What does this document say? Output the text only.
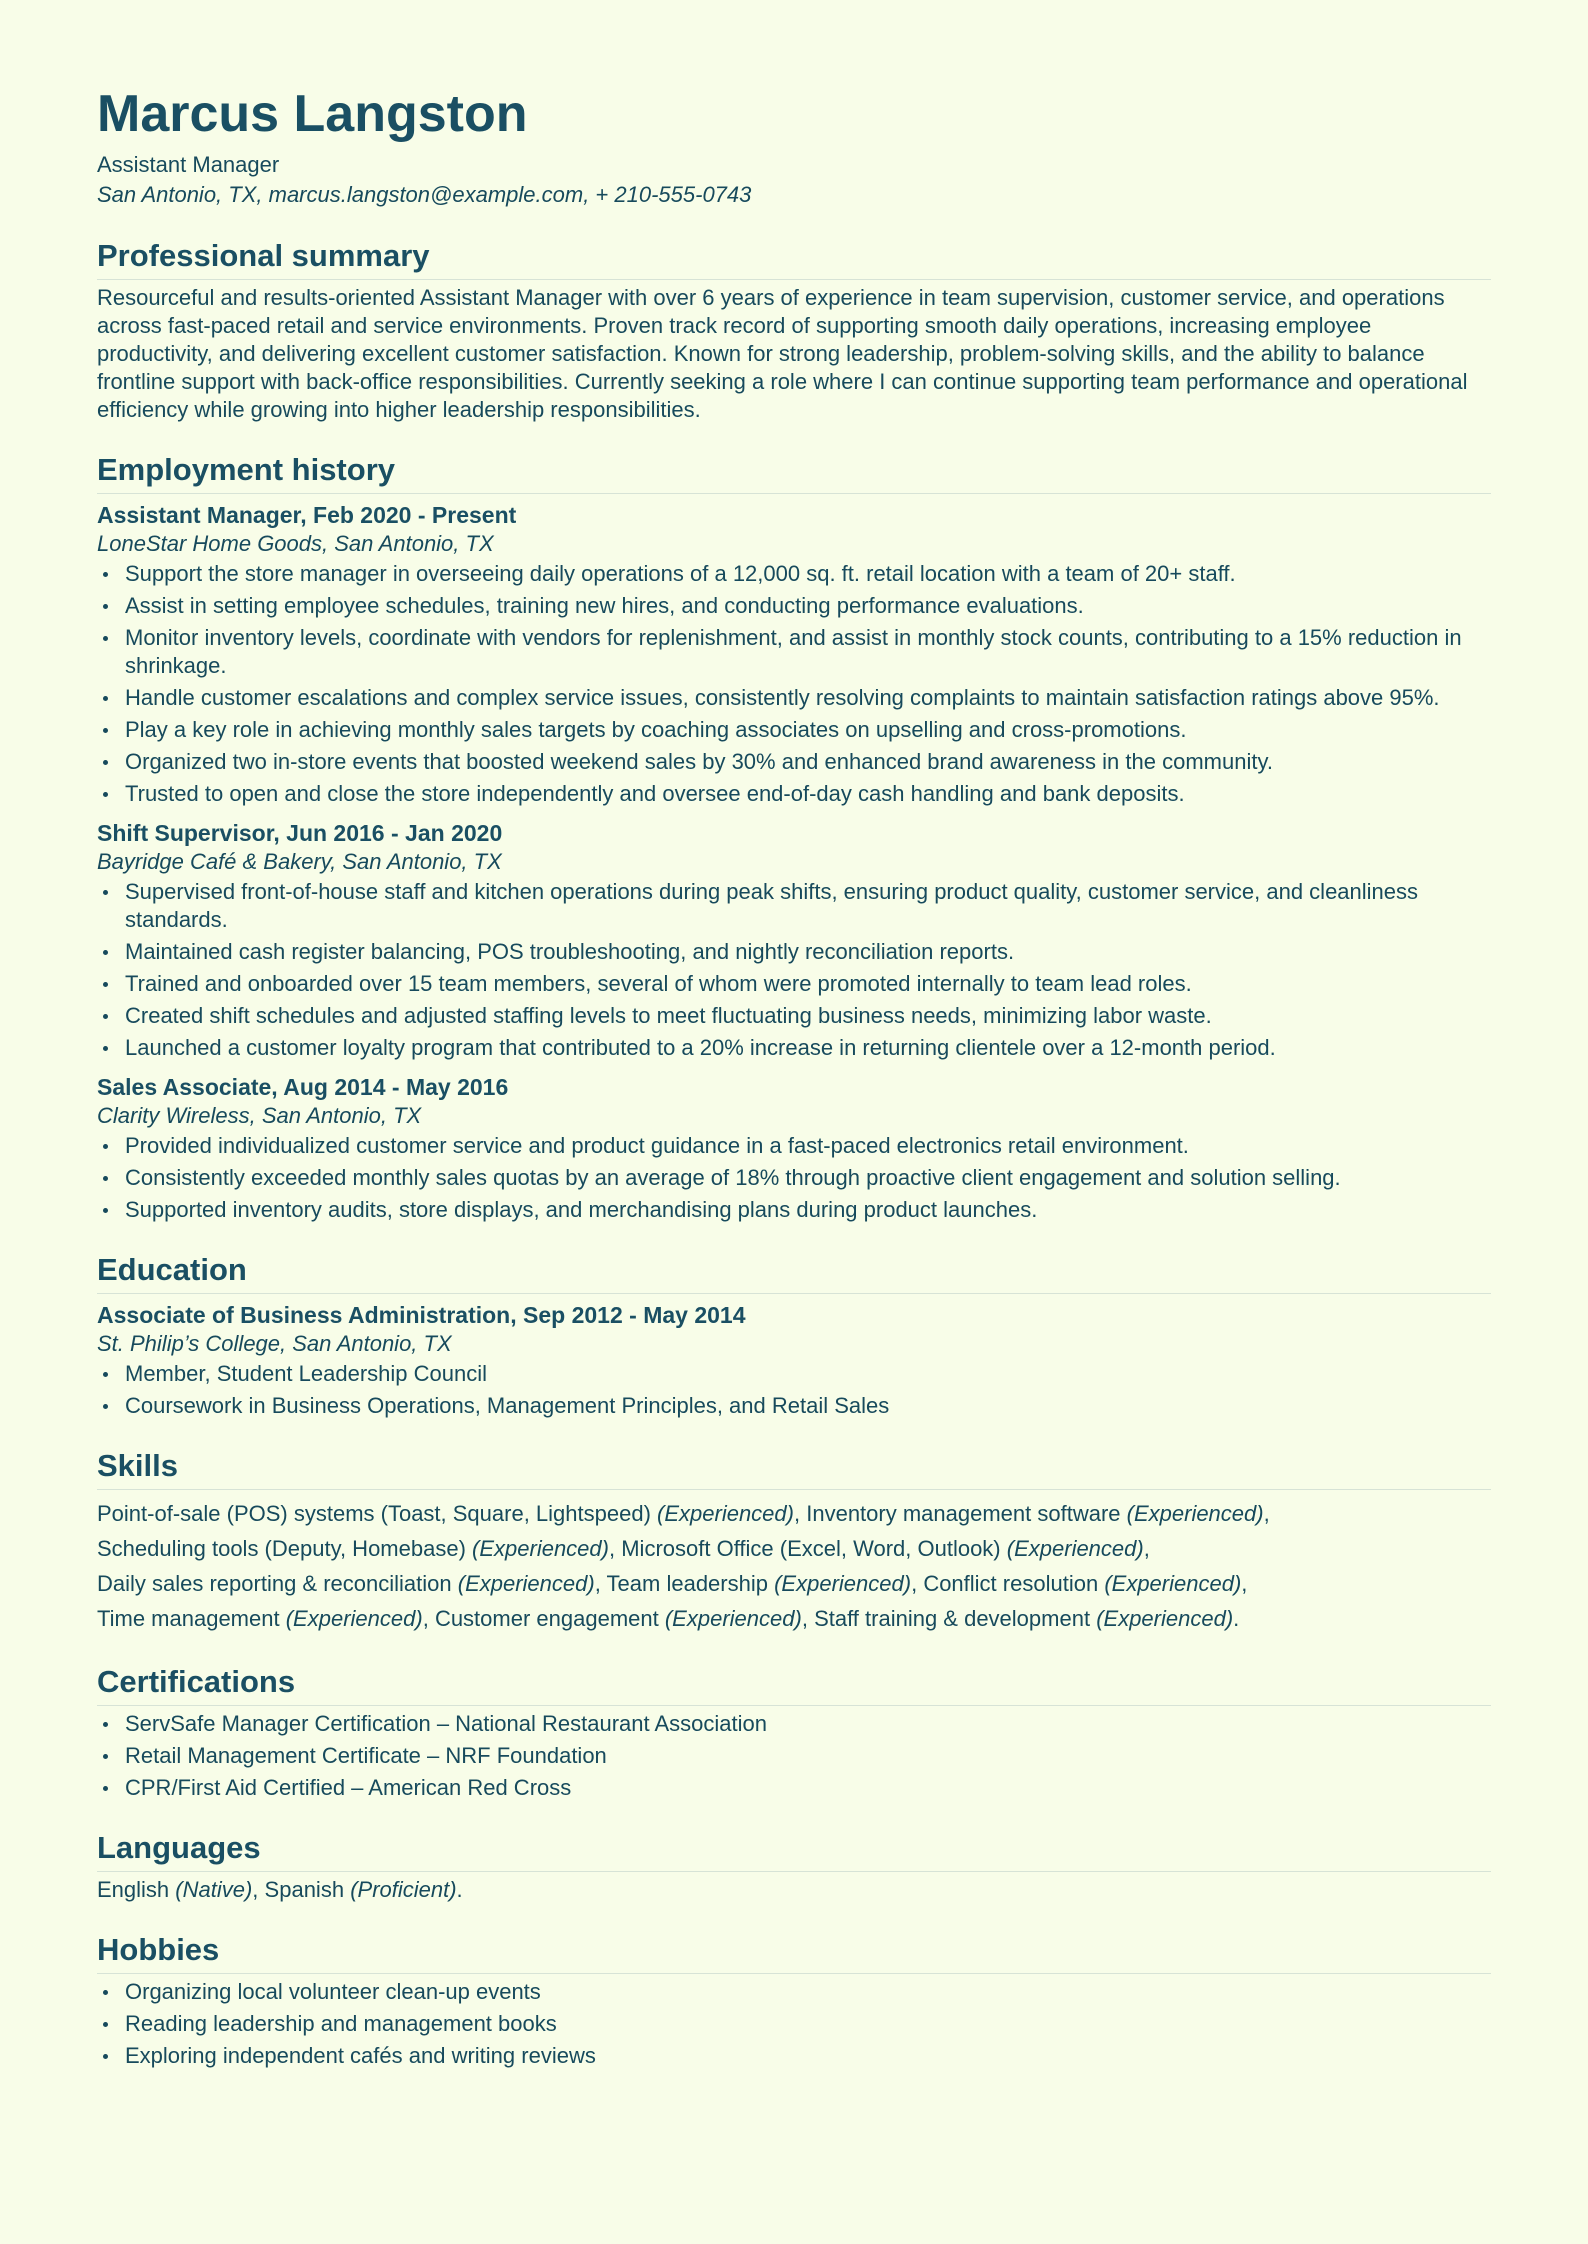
Marcus Langston
Assistant Manager
San Antonio, TX, marcus.langston@example.com, + 210-555-0743
Professional summary
Resourceful and results-oriented Assistant Manager with over 6 years of experience in team supervision, customer service, and operations across fast-paced retail and service environments. Proven track record of supporting smooth daily operations, increasing employee productivity, and delivering excellent customer satisfaction. Known for strong leadership, problem-solving skills, and the ability to balance frontline support with back-office responsibilities. Currently seeking a role where I can continue supporting team performance and operational efficiency while growing into higher leadership responsibilities.
Employment history
Assistant Manager, Feb 2020 - Present
LoneStar Home Goods, San Antonio, TX
Support the store manager in overseeing daily operations of a 12,000 sq. ft. retail location with a team of 20+ staff.
Assist in setting employee schedules, training new hires, and conducting performance evaluations.
Monitor inventory levels, coordinate with vendors for replenishment, and assist in monthly stock counts, contributing to a 15% reduction in shrinkage.
Handle customer escalations and complex service issues, consistently resolving complaints to maintain satisfaction ratings above 95%.
Play a key role in achieving monthly sales targets by coaching associates on upselling and cross-promotions.
Organized two in-store events that boosted weekend sales by 30% and enhanced brand awareness in the community.
Trusted to open and close the store independently and oversee end-of-day cash handling and bank deposits.
Shift Supervisor, Jun 2016 - Jan 2020
Bayridge Café & Bakery, San Antonio, TX
Supervised front-of-house staff and kitchen operations during peak shifts, ensuring product quality, customer service, and cleanliness standards.
Maintained cash register balancing, POS troubleshooting, and nightly reconciliation reports.
Trained and onboarded over 15 team members, several of whom were promoted internally to team lead roles.
Created shift schedules and adjusted staffing levels to meet fluctuating business needs, minimizing labor waste.
Launched a customer loyalty program that contributed to a 20% increase in returning clientele over a 12-month period.
Sales Associate, Aug 2014 - May 2016
Clarity Wireless, San Antonio, TX
Provided individualized customer service and product guidance in a fast-paced electronics retail environment.
Consistently exceeded monthly sales quotas by an average of 18% through proactive client engagement and solution selling.
Supported inventory audits, store displays, and merchandising plans during product launches.
Education
Associate of Business Administration, Sep 2012 - May 2014
St. Philip’s College, San Antonio, TX
Member, Student Leadership Council
Coursework in Business Operations, Management Principles, and Retail Sales
Skills
Point-of-sale (POS) systems (Toast, Square, Lightspeed) (Experienced), Inventory management software (Experienced),
Scheduling tools (Deputy, Homebase) (Experienced), Microsoft Office (Excel, Word, Outlook) (Experienced),
Daily sales reporting & reconciliation (Experienced), Team leadership (Experienced), Conflict resolution (Experienced),
Time management (Experienced), Customer engagement (Experienced), Staff training & development (Experienced).
Certifications
ServSafe Manager Certification – National Restaurant Association
Retail Management Certificate – NRF Foundation
CPR/First Aid Certified – American Red Cross
Languages
English (Native), Spanish (Proficient).
Hobbies
Organizing local volunteer clean-up events
Reading leadership and management books
Exploring independent cafés and writing reviews
